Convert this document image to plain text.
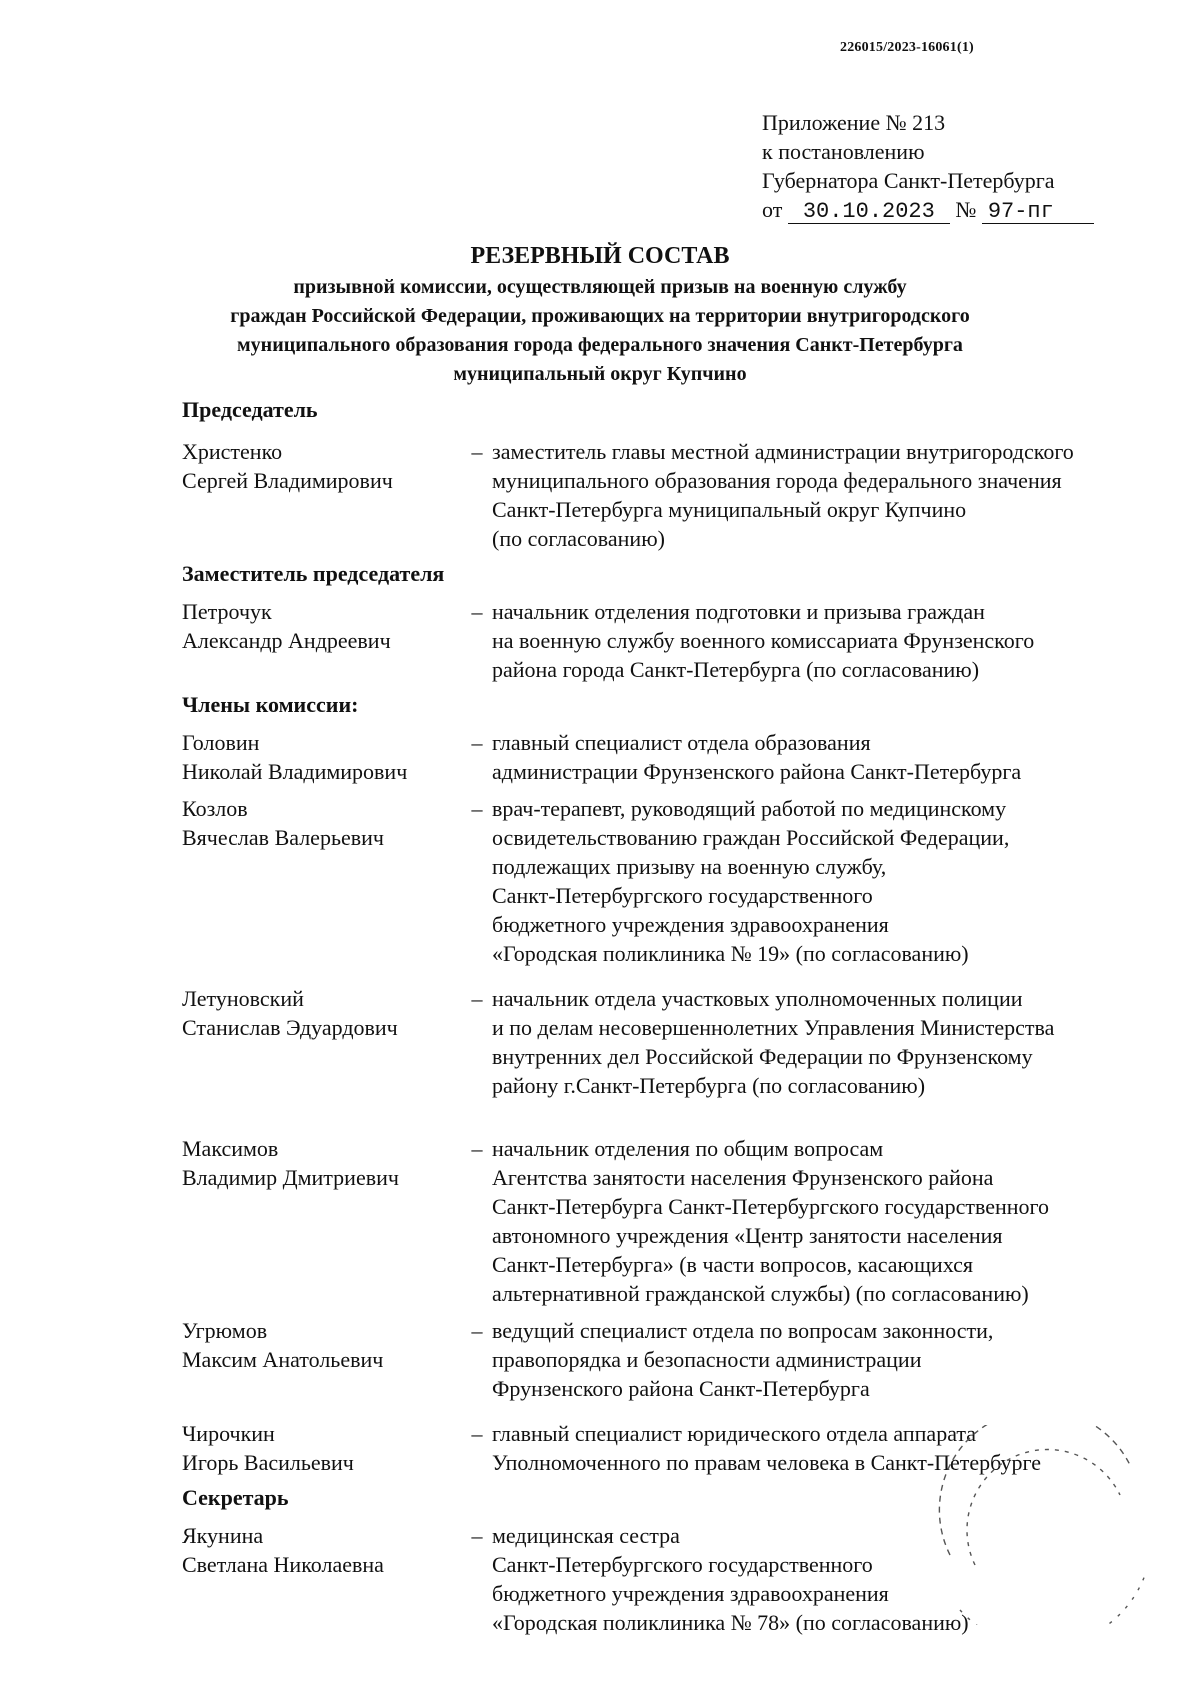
226015/2023-16061(1)
Приложение № 213
к постановлению
Губернатора Санкт-Петербурга
от 30.10.2023 № 97-пг
РЕЗЕРВНЫЙ СОСТАВ
призывной комиссии, осуществляющей призыв на военную службу
граждан Российской Федерации, проживающих на территории внутригородского
муниципального образования города федерального значения Санкт-Петербурга
муниципальный округ Купчино
Председатель
Христенко
Сергей Владимирович
– заместитель главы местной администрации внутригородского
муниципального образования города федерального значения
Санкт-Петербурга муниципальный округ Купчино
(по согласованию)
Заместитель председателя
Петрочук
Александр Андреевич
– начальник отделения подготовки и призыва граждан
на военную службу военного комиссариата Фрунзенского
района города Санкт-Петербурга (по согласованию)
Члены комиссии:
Головин
Николай Владимирович
– главный специалист отдела образования
администрации Фрунзенского района Санкт-Петербурга
Козлов
Вячеслав Валерьевич
– врач-терапевт, руководящий работой по медицинскому
освидетельствованию граждан Российской Федерации,
подлежащих призыву на военную службу,
Санкт-Петербургского государственного
бюджетного учреждения здравоохранения
«Городская поликлиника № 19» (по согласованию)
Летуновский
Станислав Эдуардович
– начальник отдела участковых уполномоченных полиции
и по делам несовершеннолетних Управления Министерства
внутренних дел Российской Федерации по Фрунзенскому
району г.Санкт-Петербурга (по согласованию)
Максимов
Владимир Дмитриевич
– начальник отделения по общим вопросам
Агентства занятости населения Фрунзенского района
Санкт-Петербурга Санкт-Петербургского государственного
автономного учреждения «Центр занятости населения
Санкт-Петербурга» (в части вопросов, касающихся
альтернативной гражданской службы) (по согласованию)
Угрюмов
Максим Анатольевич
– ведущий специалист отдела по вопросам законности,
правопорядка и безопасности администрации
Фрунзенского района Санкт-Петербурга
Чирочкин
Игорь Васильевич
– главный специалист юридического отдела аппарата
Уполномоченного по правам человека в Санкт-Петербурге
Секретарь
Якунина
Светлана Николаевна
– медицинская сестра
Санкт-Петербургского государственного
бюджетного учреждения здравоохранения
«Городская поликлиника № 78» (по согласованию)
